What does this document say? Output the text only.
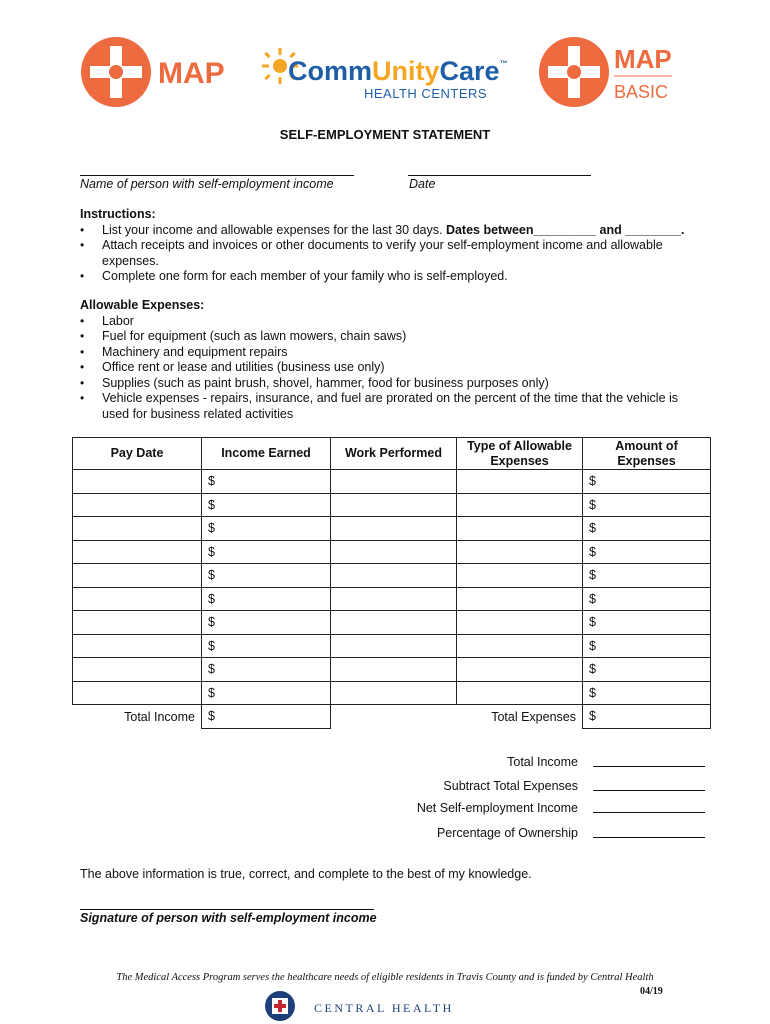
MAP CommUnityCare™
HEALTH CENTERS
MAP
BASIC
SELF-EMPLOYMENT STATEMENT
Name of person with self-employment income	Date
Instructions:
• List your income and allowable expenses for the last 30 days. Dates between_________ and ________.
• Attach receipts and invoices or other documents to verify your self-employment income and allowable expenses.
• Complete one form for each member of your family who is self-employed.
Allowable Expenses:
• Labor
• Fuel for equipment (such as lawn mowers, chain saws)
• Machinery and equipment repairs
• Office rent or lease and utilities (business use only)
• Supplies (such as paint brush, shovel, hammer, food for business purposes only)
• Vehicle expenses - repairs, insurance, and fuel are prorated on the percent of the time that the vehicle is used for business related activities
Pay Date	Income Earned	Work Performed	Type of Allowable Expenses	Amount of Expenses
	$			$
	$			$
	$			$
	$			$
	$			$
	$			$
	$			$
	$			$
	$			$
	$			$
Total Income	$		Total Expenses	$
Total Income
Subtract Total Expenses
Net Self-employment Income
Percentage of Ownership
The above information is true, correct, and complete to the best of my knowledge.
Signature of person with self-employment income
The Medical Access Program serves the healthcare needs of eligible residents in Travis County and is funded by Central Health
04/19
CENTRAL HEALTH
